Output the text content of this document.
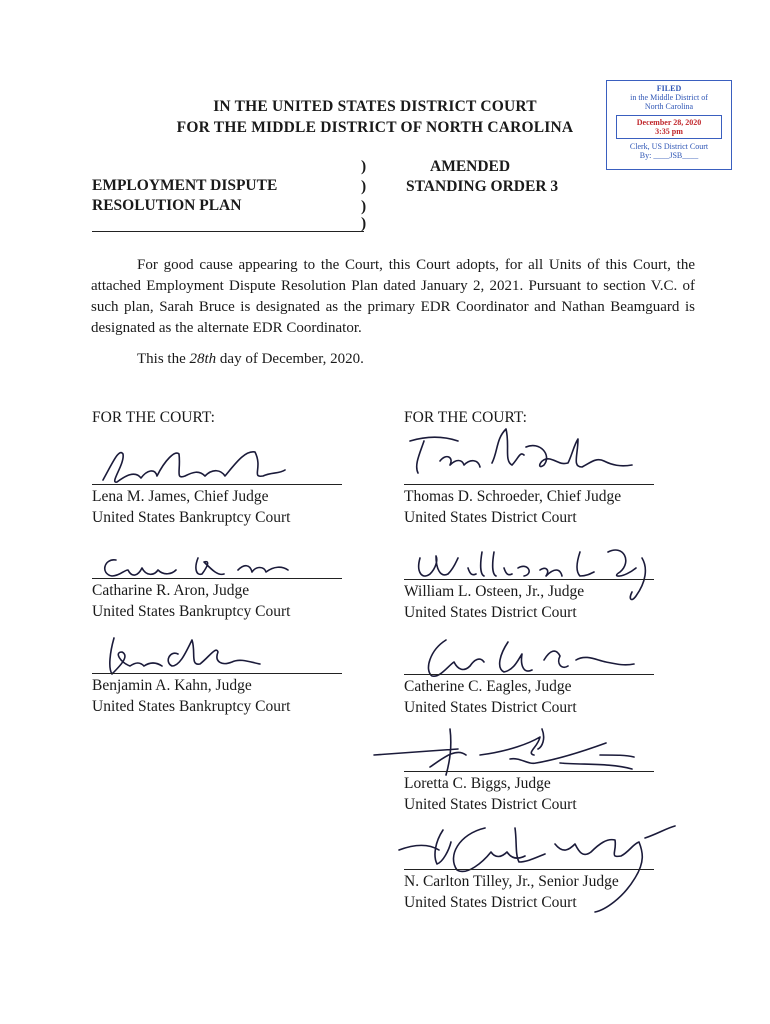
FILED
in the Middle District of
North Carolina
December 28, 2020
3:35 pm
Clerk, US District Court
By: ____JSB____
IN THE UNITED STATES DISTRICT COURT
FOR THE MIDDLE DISTRICT OF NORTH CAROLINA
)
)
)
)
EMPLOYMENT DISPUTE
RESOLUTION PLAN
AMENDED
STANDING ORDER 3
For good cause appearing to the Court, this Court adopts, for all Units of this Court, the attached Employment Dispute Resolution Plan dated January 2, 2021. Pursuant to section V.C. of such plan, Sarah Bruce is designated as the primary EDR Coordinator and Nathan Beamguard is designated as the alternate EDR Coordinator.
This the 28th day of December, 2020.
FOR THE COURT:
Lena M. James, Chief Judge
United States Bankruptcy Court
Catharine R. Aron, Judge
United States Bankruptcy Court
Benjamin A. Kahn, Judge
United States Bankruptcy Court
FOR THE COURT:
Thomas D. Schroeder, Chief Judge
United States District Court
William L. Osteen, Jr., Judge
United States District Court
Catherine C. Eagles, Judge
United States District Court
Loretta C. Biggs, Judge
United States District Court
N. Carlton Tilley, Jr., Senior Judge
United States District Court
